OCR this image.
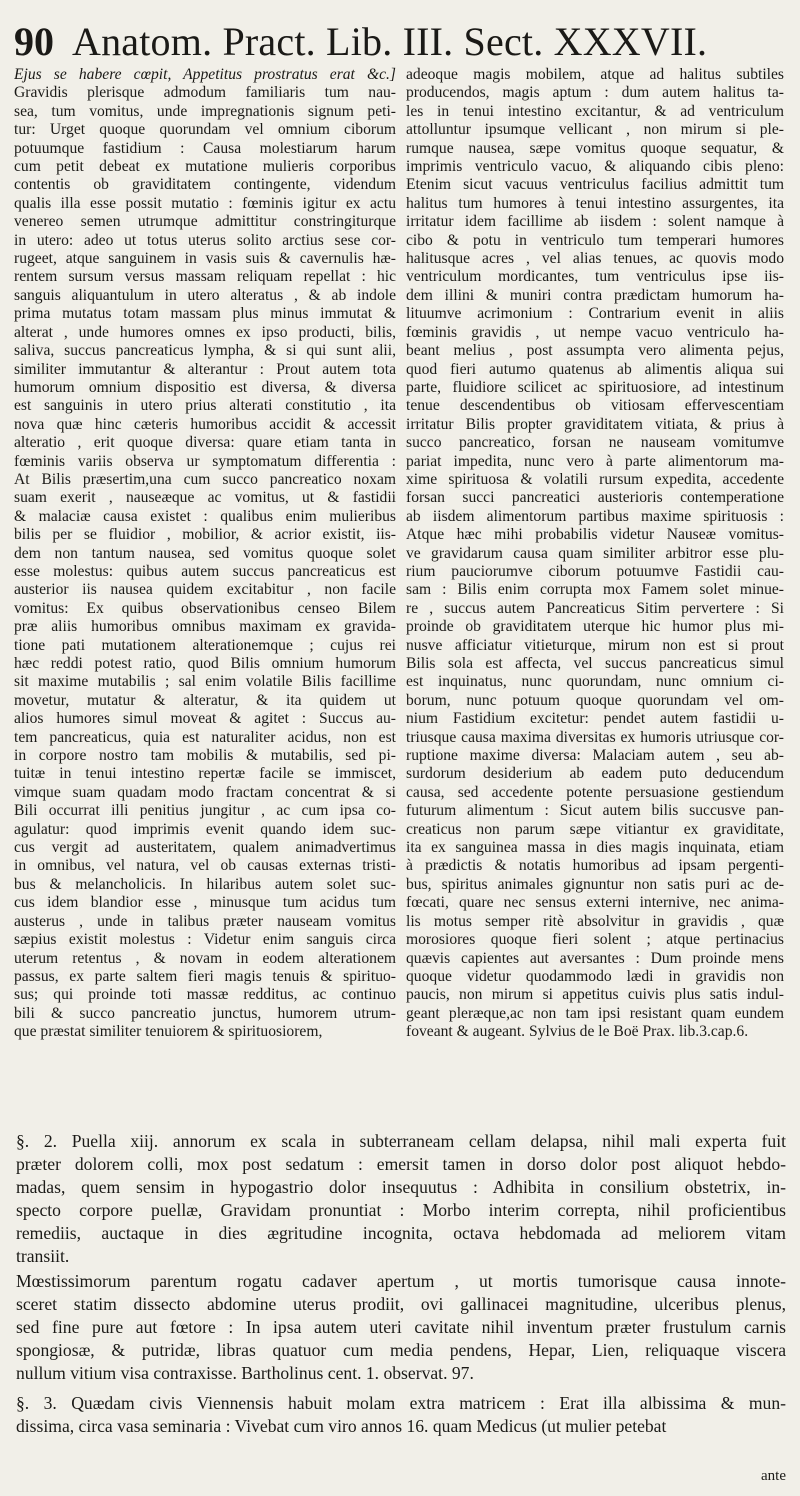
90 Anatom. Pract. Lib. III. Sect. XXXVII.
Ejus se habere cœpit, Appetitus prostratus erat &c.]
Gravidis plerisque admodum familiaris tum nau-
sea, tum vomitus, unde impregnationis signum peti-
tur: Urget quoque quorundam vel omnium ciborum
potuumque fastidium : Causa molestiarum harum
cum petit debeat ex mutatione mulieris corporibus
contentis ob graviditatem contingente, videndum
qualis illa esse possit mutatio : fœminis igitur ex actu
venereo semen utrumque admittitur constringiturque
in utero: adeo ut totus uterus solito arctius sese cor-
rugeet, atque sanguinem in vasis suis & cavernulis hæ-
rentem sursum versus massam reliquam repellat : hic
sanguis aliquantulum in utero alteratus , & ab indole
prima mutatus totam massam plus minus immutat &
alterat , unde humores omnes ex ipso producti, bilis,
saliva, succus pancreaticus lympha, & si qui sunt alii,
similiter immutantur & alterantur : Prout autem tota
humorum omnium dispositio est diversa, & diversa
est sanguinis in utero prius alterati constitutio , ita
nova quæ hinc cæteris humoribus accidit & accessit
alteratio , erit quoque diversa: quare etiam tanta in
fœminis variis observa ur symptomatum differentia :
At Bilis præsertim,una cum succo pancreatico noxam
suam exerit , nauseæque ac vomitus, ut & fastidii
& malaciæ causa existet : qualibus enim mulieribus
bilis per se fluidior , mobilior, & acrior existit, iis-
dem non tantum nausea, sed vomitus quoque solet
esse molestus: quibus autem succus pancreaticus est
austerior iis nausea quidem excitabitur , non facile
vomitus: Ex quibus observationibus censeo Bilem
præ aliis humoribus omnibus maximam ex gravida-
tione pati mutationem alterationemque ; cujus rei
hæc reddi potest ratio, quod Bilis omnium humorum
sit maxime mutabilis ; sal enim volatile Bilis facillime
movetur, mutatur & alteratur, & ita quidem ut
alios humores simul moveat & agitet : Succus au-
tem pancreaticus, quia est naturaliter acidus, non est
in corpore nostro tam mobilis & mutabilis, sed pi-
tuitæ in tenui intestino repertæ facile se immiscet,
vimque suam quadam modo fractam concentrat & si
Bili occurrat illi penitius jungitur , ac cum ipsa co-
agulatur: quod imprimis evenit quando idem suc-
cus vergit ad austeritatem, qualem animadvertimus
in omnibus, vel natura, vel ob causas externas tristi-
bus & melancholicis. In hilaribus autem solet suc-
cus idem blandior esse , minusque tum acidus tum
austerus , unde in talibus præter nauseam vomitus
sæpius existit molestus : Videtur enim sanguis circa
uterum retentus , & novam in eodem alterationem
passus, ex parte saltem fieri magis tenuis & spirituo-
sus; qui proinde toti massæ redditus, ac continuo
bili & succo pancreatio junctus, humorem utrum-
que præstat similiter tenuiorem & spirituosiorem,
adeoque magis mobilem, atque ad halitus subtiles
producendos, magis aptum : dum autem halitus ta-
les in tenui intestino excitantur, & ad ventriculum
attolluntur ipsumque vellicant , non mirum si ple-
rumque nausea, sæpe vomitus quoque sequatur, &
imprimis ventriculo vacuo, & aliquando cibis pleno:
Etenim sicut vacuus ventriculus facilius admittit tum
halitus tum humores à tenui intestino assurgentes, ita
irritatur idem facillime ab iisdem : solent namque à
cibo & potu in ventriculo tum temperari humores
halitusque acres , vel alias tenues, ac quovis modo
ventriculum mordicantes, tum ventriculus ipse iis-
dem illini & muniri contra prædictam humorum ha-
lituumve acrimonium : Contrarium evenit in aliis
fœminis gravidis , ut nempe vacuo ventriculo ha-
beant melius , post assumpta vero alimenta pejus,
quod fieri autumo quatenus ab alimentis aliqua sui
parte, fluidiore scilicet ac spirituosiore, ad intestinum
tenue descendentibus ob vitiosam effervescentiam
irritatur Bilis propter graviditatem vitiata, & prius à
succo pancreatico, forsan ne nauseam vomitumve
pariat impedita, nunc vero à parte alimentorum ma-
xime spirituosa & volatili rursum expedita, accedente
forsan succi pancreatici austerioris contemperatione
ab iisdem alimentorum partibus maxime spirituosis :
Atque hæc mihi probabilis videtur Nauseæ vomitus-
ve gravidarum causa quam similiter arbitror esse plu-
rium pauciorumve ciborum potuumve Fastidii cau-
sam : Bilis enim corrupta mox Famem solet minue-
re , succus autem Pancreaticus Sitim pervertere : Si
proinde ob graviditatem uterque hic humor plus mi-
nusve afficiatur vitieturque, mirum non est si prout
Bilis sola est affecta, vel succus pancreaticus simul
est inquinatus, nunc quorundam, nunc omnium ci-
borum, nunc potuum quoque quorundam vel om-
nium Fastidium excitetur: pendet autem fastidii u-
triusque causa maxima diversitas ex humoris utriusque cor-
ruptione maxime diversa: Malaciam autem , seu ab-
surdorum desiderium ab eadem puto deducendum
causa, sed accedente potente persuasione gestiendum
futurum alimentum : Sicut autem bilis succusve pan-
creaticus non parum sæpe vitiantur ex graviditate,
ita ex sanguinea massa in dies magis inquinata, etiam
à prædictis & notatis humoribus ad ipsam pergenti-
bus, spiritus animales gignuntur non satis puri ac de-
fœcati, quare nec sensus externi internive, nec anima-
lis motus semper ritè absolvitur in gravidis , quæ
morosiores quoque fieri solent ; atque pertinacius
quævis capientes aut aversantes : Dum proinde mens
quoque videtur quodammodo lædi in gravidis non
paucis, non mirum si appetitus cuivis plus satis indul-
geant pleræque,ac non tam ipsi resistant quam eundem
foveant & augeant. Sylvius de le Boë Prax. lib.3.cap.6.
§. 2. Puella xiij. annorum ex scala in subterraneam cellam delapsa, nihil mali experta fuit
præter dolorem colli, mox post sedatum : emersit tamen in dorso dolor post aliquot hebdo-
madas, quem sensim in hypogastrio dolor insequutus : Adhibita in consilium obstetrix, in-
specto corpore puellæ, Gravidam pronuntiat : Morbo interim correpta, nihil proficientibus
remediis, auctaque in dies ægritudine incognita, octava hebdomada ad meliorem vitam
transiit.
Mœstissimorum parentum rogatu cadaver apertum , ut mortis tumorisque causa innote-
sceret statim dissecto abdomine uterus prodiit, ovi gallinacei magnitudine, ulceribus plenus,
sed fine pure aut fœtore : In ipsa autem uteri cavitate nihil inventum præter frustulum carnis
spongiosæ, & putridæ, libras quatuor cum media pendens, Hepar, Lien, reliquaque viscera
nullum vitium visa contraxisse. Bartholinus cent. 1. observat. 97.
§. 3. Quædam civis Viennensis habuit molam extra matricem : Erat illa albissima & mun-
dissima, circa vasa seminaria : Vivebat cum viro annos 16. quam Medicus (ut mulier petebat
ante
